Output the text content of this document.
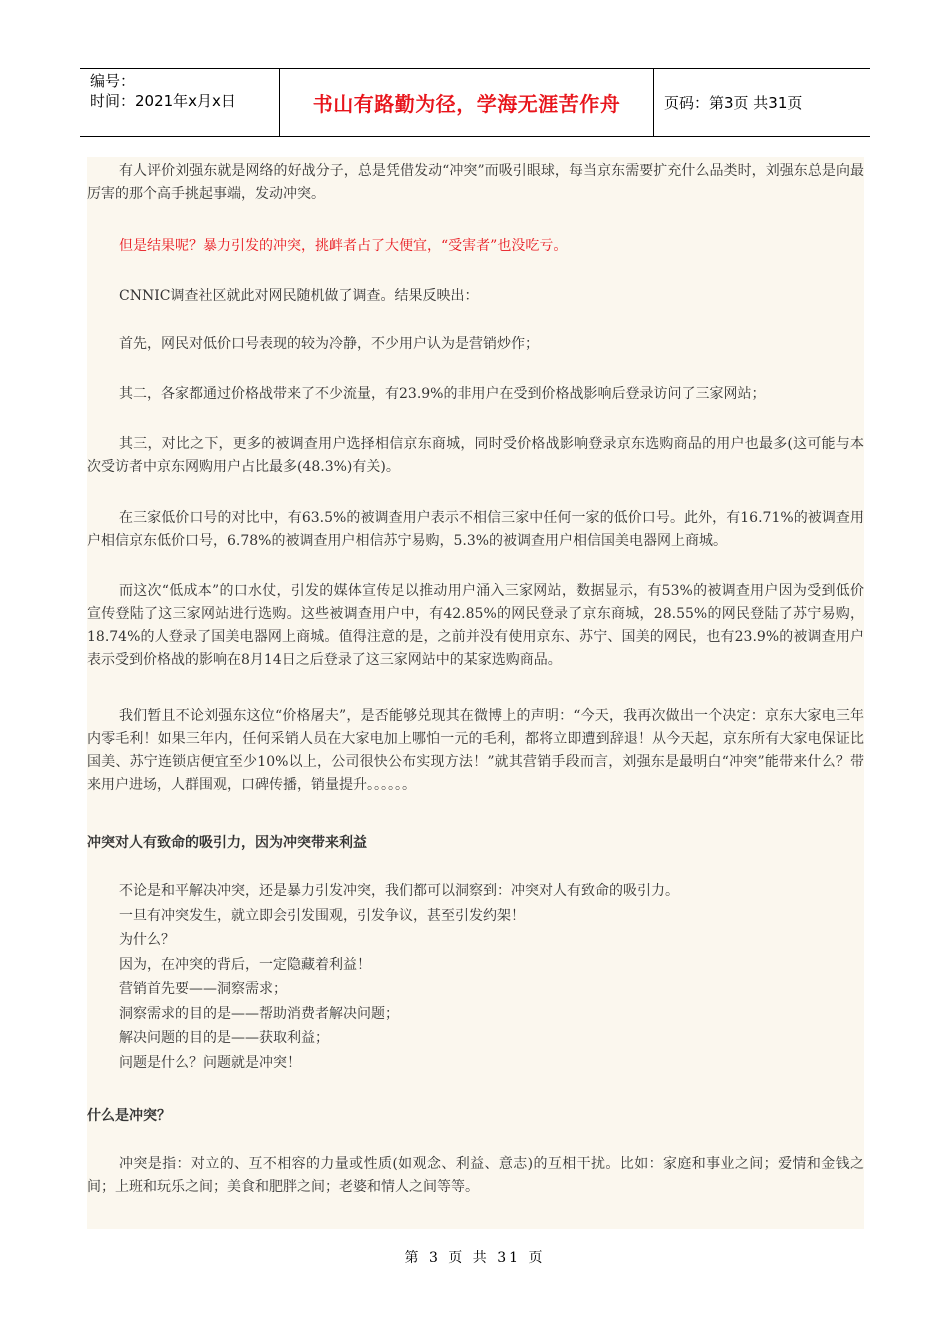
编号：
时间：2021年x月x日	书山有路勤为径，学海无涯苦作舟	页码：第3页 共31页

有人评价刘强东就是网络的好战分子，总是凭借发动“冲突”而吸引眼球，每当京东需要扩充什么品类时，刘强东总是向最厉害的那个高手挑起事端，发动冲突。

但是结果呢？暴力引发的冲突，挑衅者占了大便宜，“受害者”也没吃亏。

CNNIC调查社区就此对网民随机做了调查。结果反映出：

首先，网民对低价口号表现的较为冷静，不少用户认为是营销炒作；

其二，各家都通过价格战带来了不少流量，有23.9%的非用户在受到价格战影响后登录访问了三家网站；

其三，对比之下，更多的被调查用户选择相信京东商城，同时受价格战影响登录京东选购商品的用户也最多(这可能与本次受访者中京东网购用户占比最多(48.3%)有关)。

在三家低价口号的对比中，有63.5%的被调查用户表示不相信三家中任何一家的低价口号。此外，有16.71%的被调查用户相信京东低价口号，6.78%的被调查用户相信苏宁易购，5.3%的被调查用户相信国美电器网上商城。

而这次“低成本”的口水仗，引发的媒体宣传足以推动用户涌入三家网站，数据显示，有53%的被调查用户因为受到低价宣传登陆了这三家网站进行选购。这些被调查用户中，有42.85%的网民登录了京东商城，28.55%的网民登陆了苏宁易购，18.74%的人登录了国美电器网上商城。值得注意的是，之前并没有使用京东、苏宁、国美的网民，也有23.9%的被调查用户表示受到价格战的影响在8月14日之后登录了这三家网站中的某家选购商品。

我们暂且不论刘强东这位“价格屠夫”，是否能够兑现其在微博上的声明：“今天，我再次做出一个决定：京东大家电三年内零毛利！如果三年内，任何采销人员在大家电加上哪怕一元的毛利，都将立即遭到辞退！从今天起，京东所有大家电保证比国美、苏宁连锁店便宜至少10%以上，公司很快公布实现方法！”就其营销手段而言，刘强东是最明白“冲突”能带来什么？带来用户进场，人群围观，口碑传播，销量提升。。。。。。

冲突对人有致命的吸引力，因为冲突带来利益

不论是和平解决冲突，还是暴力引发冲突，我们都可以洞察到：冲突对人有致命的吸引力。
一旦有冲突发生，就立即会引发围观，引发争议，甚至引发约架！
为什么？
因为，在冲突的背后，一定隐藏着利益！
营销首先要——洞察需求；
洞察需求的目的是——帮助消费者解决问题；
解决问题的目的是——获取利益；
问题是什么？问题就是冲突！

什么是冲突？

冲突是指：对立的、互不相容的力量或性质(如观念、利益、意志)的互相干扰。比如：家庭和事业之间；爱情和金钱之间；上班和玩乐之间；美食和肥胖之间；老婆和情人之间等等。

第 3 页 共 31 页
